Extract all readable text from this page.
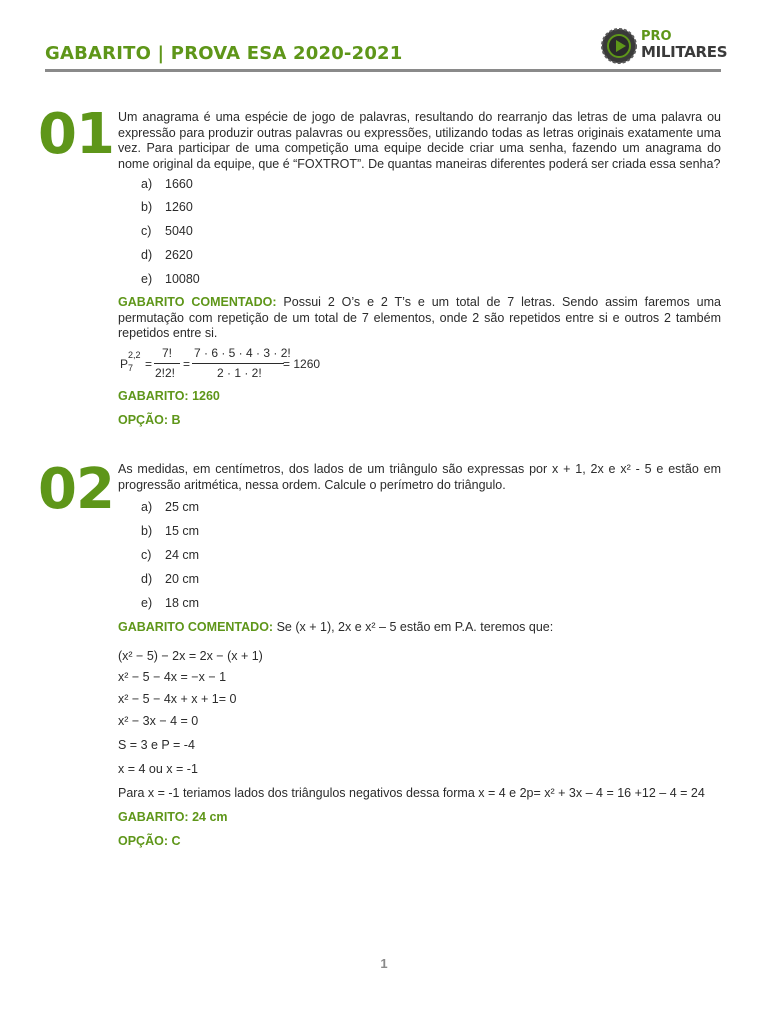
GABARITO | PROVA ESA 2020-2021
PRO
MILITARES
01 Um anagrama é uma espécie de jogo de palavras, resultando do rearranjo das letras de uma palavra ou expressão para produzir outras palavras ou expressões, utilizando todas as letras originais exatamente uma vez. Para participar de uma competição uma equipe decide criar uma senha, fazendo um anagrama do nome original da equipe, que é “FOXTROT”. De quantas maneiras diferentes poderá ser criada essa senha?

a) 1660
b) 1260
c) 5040
d) 2620
e) 10080

GABARITO COMENTADO: Possui 2 O’s e 2 T’s e um total de 7 letras. Sendo assim faremos uma permutação com repetição de um total de 7 elementos, onde 2 são repetidos entre si e outros 2 também repetidos entre si.

P
2,2
7 =
7!
2!2!
=
7 · 6 · 5 · 4 · 3 · 2!
2 · 1 · 2!
= 1260
GABARITO: 1260
OPÇÃO: B
02 As medidas, em centímetros, dos lados de um triângulo são expressas por x + 1, 2x e x² - 5 e estão em progressão aritmética, nessa ordem. Calcule o perímetro do triângulo.

a) 25 cm
b) 15 cm
c) 24 cm
d) 20 cm
e) 18 cm
GABARITO COMENTADO: Se (x + 1), 2x e x² – 5 estão em P.A. teremos que:
(x² − 5) − 2x = 2x − (x + 1)
x² − 5 − 4x = −x − 1
x² − 5 − 4x + x + 1= 0
x² − 3x − 4 = 0
S = 3 e P = -4
x = 4 ou x = -1
Para x = -1 teriamos lados dos triângulos negativos dessa forma x = 4 e 2p= x² + 3x – 4 = 16 +12 – 4 = 24
GABARITO: 24 cm
OPÇÃO: C
1
